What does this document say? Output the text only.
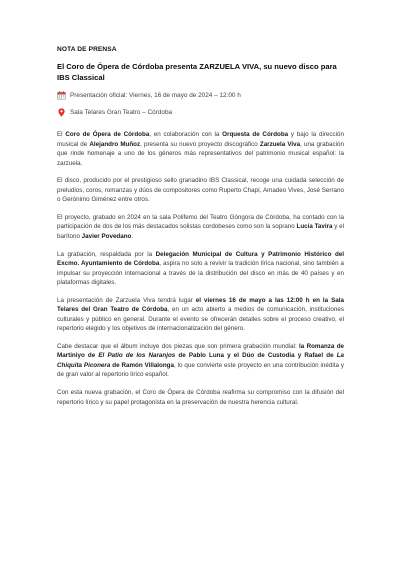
NOTA DE PRENSA
El Coro de Ópera de Córdoba presenta ZARZUELA VIVA, su nuevo disco para IBS Classical
Presentación oficial: Viernes, 16 de mayo de 2024 – 12:00 h
Sala Telares Gran Teatro – Córdoba

El Coro de Ópera de Córdoba, en colaboración con la Orquesta de Córdoba y bajo la dirección musical de Alejandro Muñoz, presenta su nuevo proyecto discográfico Zarzuela Viva, una grabación que rinde homenaje a uno de los géneros más representativos del patrimonio musical español: la zarzuela.

El disco, producido por el prestigioso sello granadino IBS Classical, recoge una cuidada selección de preludios, coros, romanzas y dúos de compositores como Ruperto Chapí, Amadeo Vives, José Serrano o Gerónimo Giménez entre otros.

El proyecto, grabado en 2024 en la sala Polifemo del Teatro Góngora de Córdoba, ha contado con la participación de dos de los más destacados solistas cordobeses como son la soprano Lucía Tavira y el barítono Javier Povedano.

La grabación, respaldada por la Delegación Municipal de Cultura y Patrimonio Histórico del Excmo. Ayuntamiento de Córdoba, aspira no solo a revivir la tradición lírica nacional, sino también a impulsar su proyección internacional a través de la distribución del disco en más de 40 países y en plataformas digitales.

La presentación de Zarzuela Viva tendrá lugar el viernes 16 de mayo a las 12:00 h en la Sala Telares del Gran Teatro de Córdoba, en un acto abierto a medios de comunicación, instituciones culturales y público en general. Durante el evento se ofrecerán detalles sobre el proceso creativo, el repertorio elegido y los objetivos de internacionalización del género.

Cabe destacar que el álbum incluye dos piezas que son primera grabación mundial: la Romanza de Martiniyo de El Patio de los Naranjos de Pablo Luna y el Dúo de Custodia y Rafael de La Chiquita Piconera de Ramón Villalonga, lo que convierte este proyecto en una contribución inédita y de gran valor al repertorio lírico español.

Con esta nueva grabación, el Coro de Ópera de Córdoba reafirma su compromiso con la difusión del repertorio lírico y su papel protagonista en la preservación de nuestra herencia cultural.
